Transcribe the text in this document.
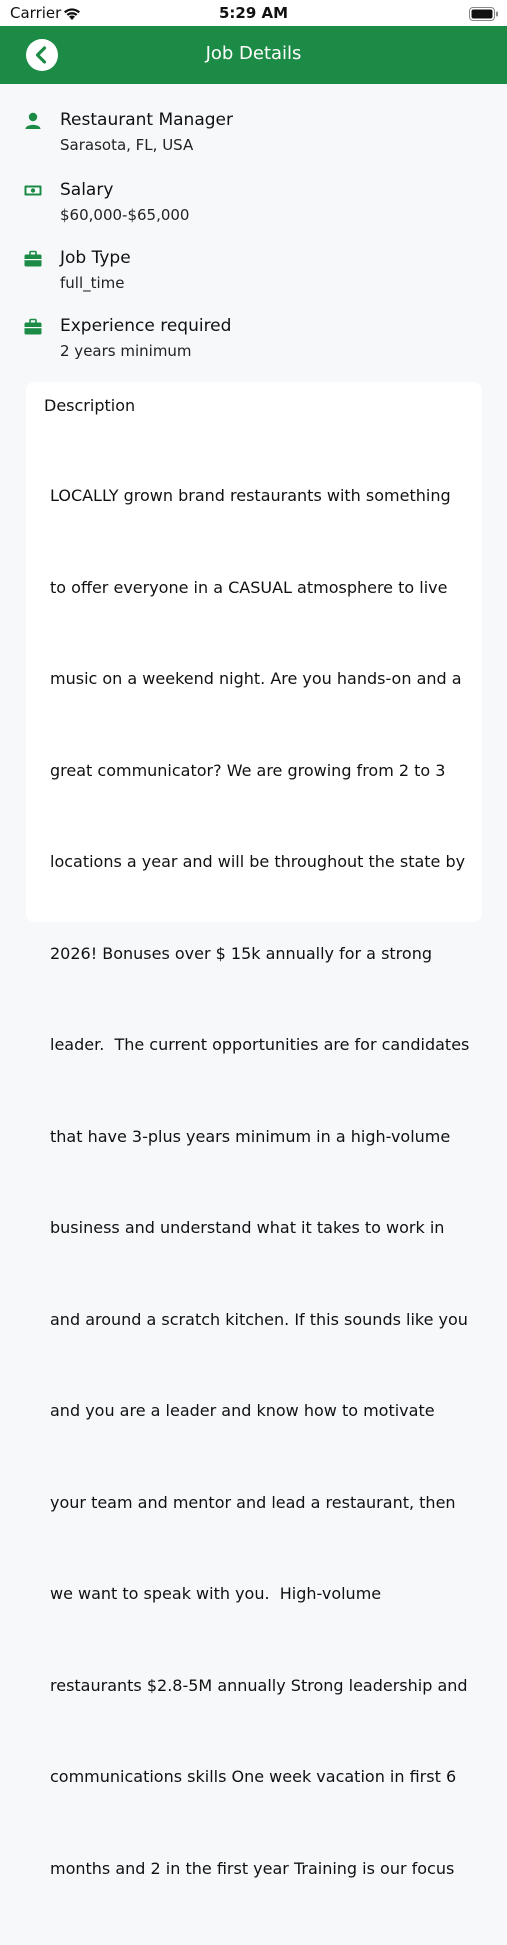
Carrier	5:29 AM
Job Details
Restaurant Manager
Sarasota, FL, USA
Salary
$60,000-$65,000
Job Type
full_time
Experience required
2 years minimum
Description

LOCALLY grown brand restaurants with something

to offer everyone in a CASUAL atmosphere to live

music on a weekend night. Are you hands-on and a

great communicator? We are growing from 2 to 3

locations a year and will be throughout the state by

2026! Bonuses over $ 15k annually for a strong

leader.  The current opportunities are for candidates

that have 3-plus years minimum in a high-volume

business and understand what it takes to work in

and around a scratch kitchen. If this sounds like you

and you are a leader and know how to motivate

your team and mentor and lead a restaurant, then

we want to speak with you.  High-volume

restaurants $2.8-5M annually Strong leadership and

communications skills One week vacation in first 6

months and 2 in the first year Training is our focus
